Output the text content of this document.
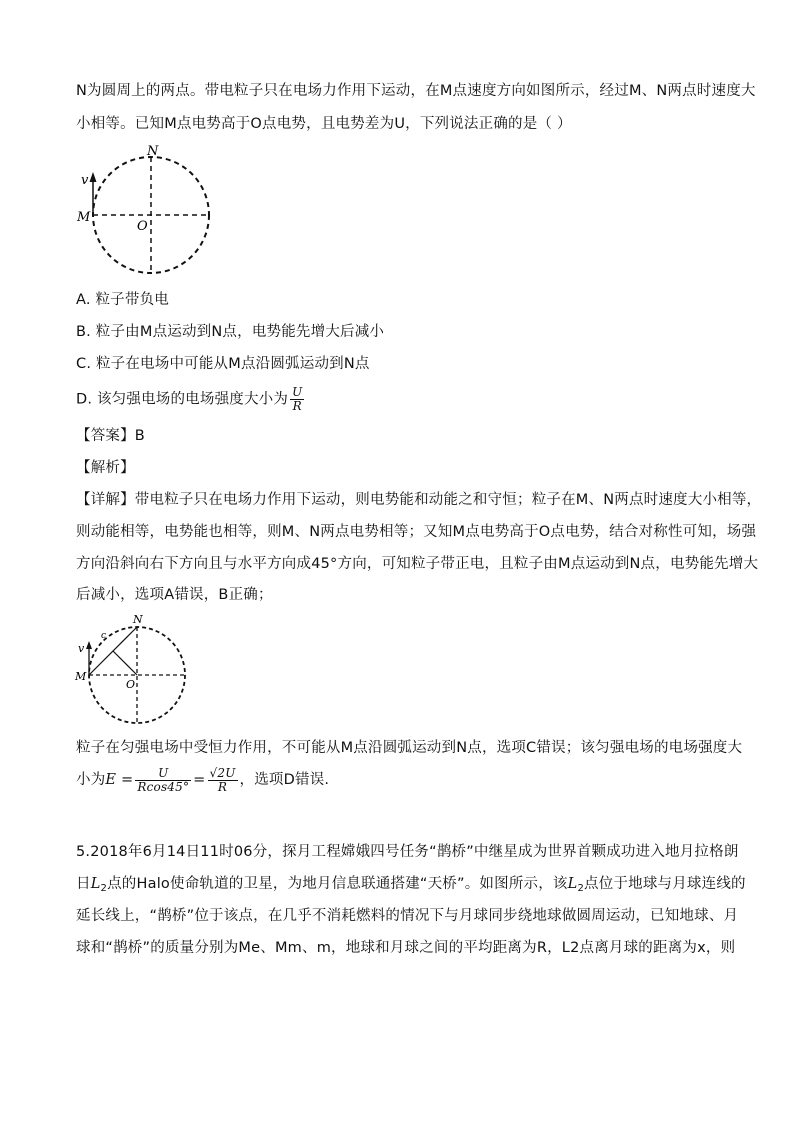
N为圆周上的两点。带电粒子只在电场力作用下运动，在M点速度方向如图所示，经过M、N两点时速度大
小相等。已知M点电势高于O点电势，且电势差为U，下列说法正确的是（ ）
v
N
M
O
A. 粒子带负电
B. 粒子由M点运动到N点，电势能先增大后减小
C. 粒子在电场中可能从M点沿圆弧运动到N点
D. 该匀强电场的电场强度大小为 $\frac{U}{R}$
【答案】B
【解析】
【详解】带电粒子只在电场力作用下运动，则电势能和动能之和守恒；粒子在M、N两点时速度大小相等，
则动能相等，电势能也相等，则M、N两点电势相等；又知M点电势高于O点电势，结合对称性可知，场强
方向沿斜向右下方向且与水平方向成45°方向，可知粒子带正电，且粒子由M点运动到N点，电势能先增大
后减小，选项A错误，B正确；
v
N
M
O
c
粒子在匀强电场中受恒力作用，不可能从M点沿圆弧运动到N点，选项C错误；该匀强电场的电场强度大
小为$E = \frac{U}{Rcos45^\circ} = \frac{√2U}{R}$ ，选项D错误.
5.2018年6月14日11时06分，探月工程嫦娥四号任务“鹊桥”中继星成为世界首颗成功进入地月拉格朗
日$L_2$点的Halo使命轨道的卫星，为地月信息联通搭建“天桥”。如图所示，该$L_2$点位于地球与月球连线的
延长线上，“鹊桥”位于该点，在几乎不消耗燃料的情况下与月球同步绕地球做圆周运动，已知地球、月
球和“鹊桥”的质量分别为Me、Mm、m，地球和月球之间的平均距离为R，L2点离月球的距离为x，则
